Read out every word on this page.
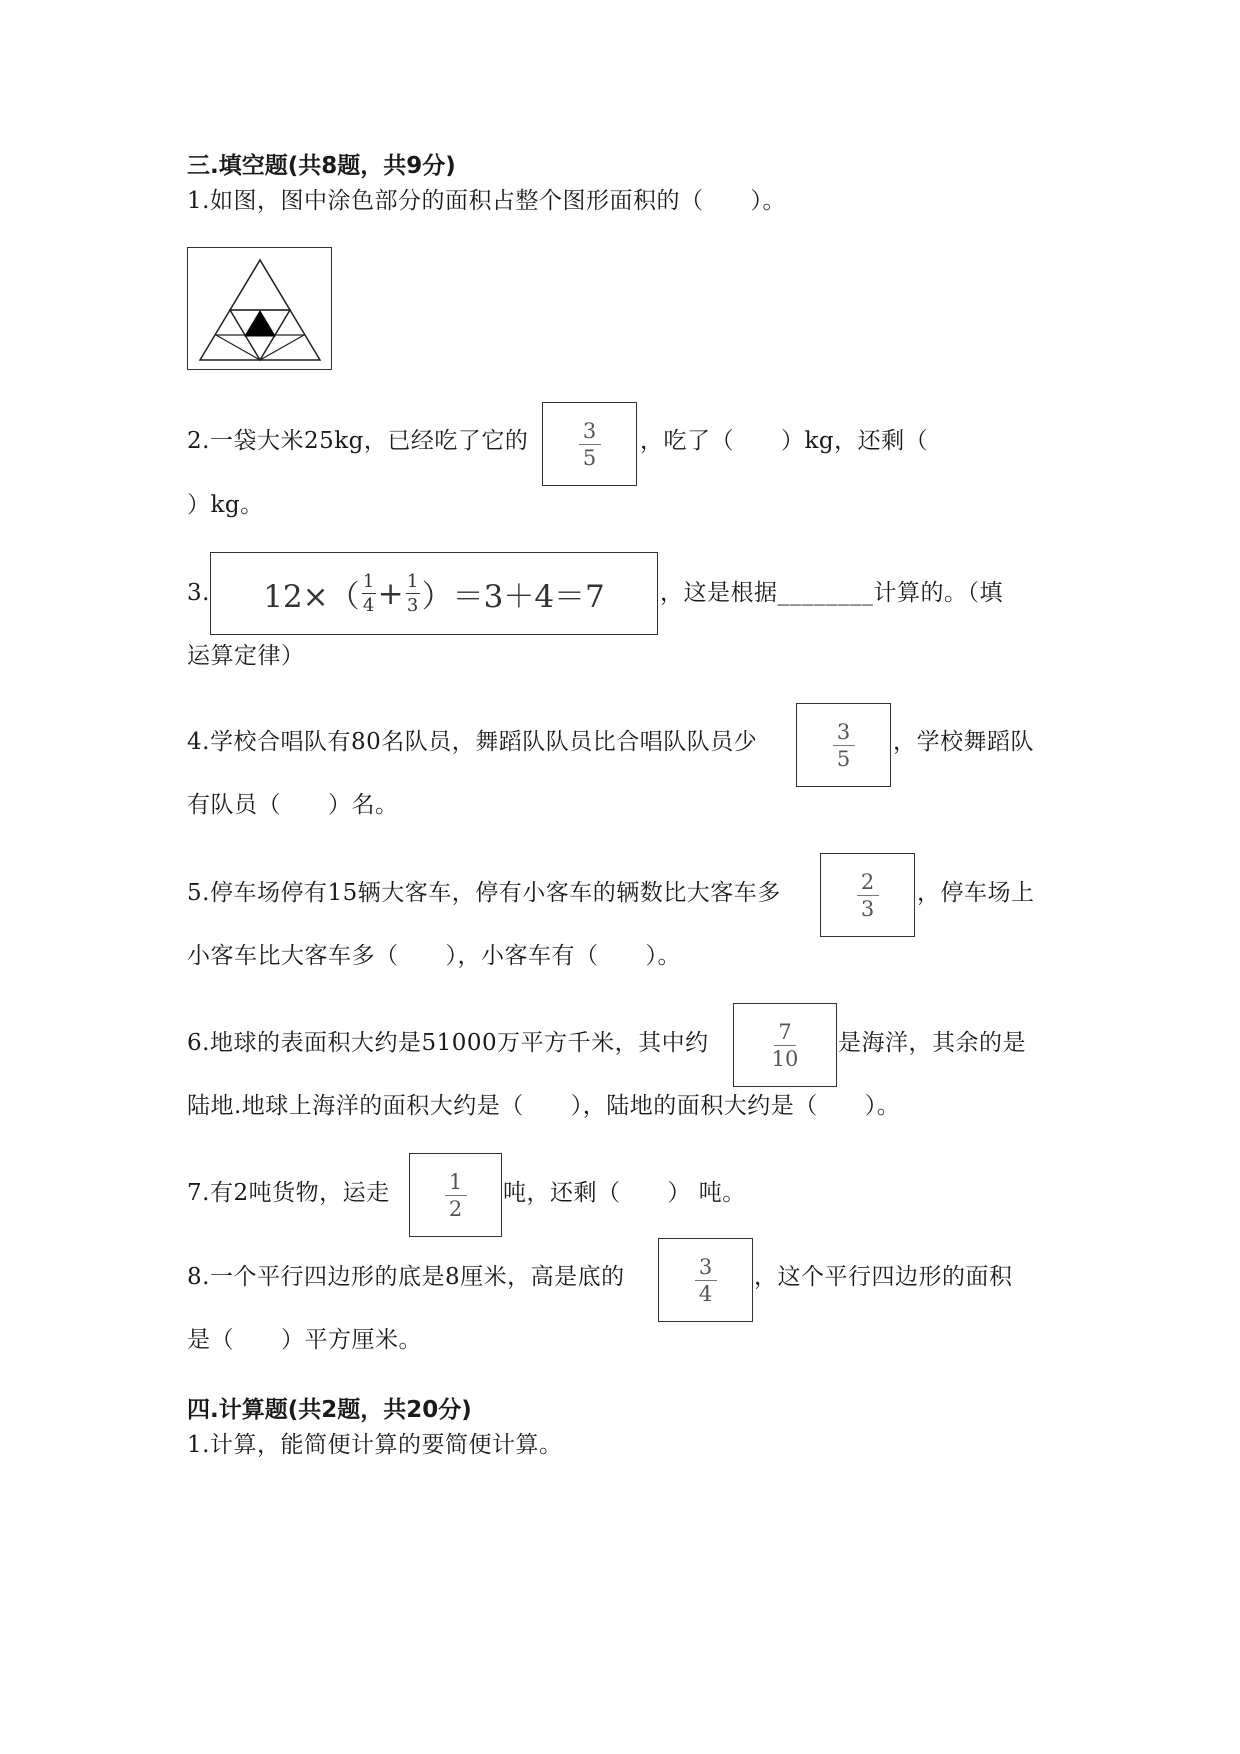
三.填空题(共8题，共9分)
1.如图，图中涂色部分的面积占整个图形面积的（　　）。
2.一袋大米25kg，已经吃了它的	3
5
，吃了（　　）kg，还剩（
）kg。
3. 12×（ 1
4 + 1
3 ）＝3＋4＝7 ，这是根据________计算的。（填
运算定律）
4.学校合唱队有80名队员，舞蹈队队员比合唱队队员少	3
5
，学校舞蹈队
有队员（　　）名。
5.停车场停有15辆大客车，停有小客车的辆数比大客车多	2
3
，停车场上
小客车比大客车多（　　），小客车有（　　）。
6.地球的表面积大约是51000万平方千米，其中约	7
10
是海洋，其余的是
陆地.地球上海洋的面积大约是（　　），陆地的面积大约是（　　）。
7.有2吨货物，运走	1
2
吨，还剩（　　） 吨。
8.一个平行四边形的底是8厘米，高是底的	3
4
，这个平行四边形的面积
是（　　）平方厘米。
四.计算题(共2题，共20分)
1.计算，能简便计算的要简便计算。
